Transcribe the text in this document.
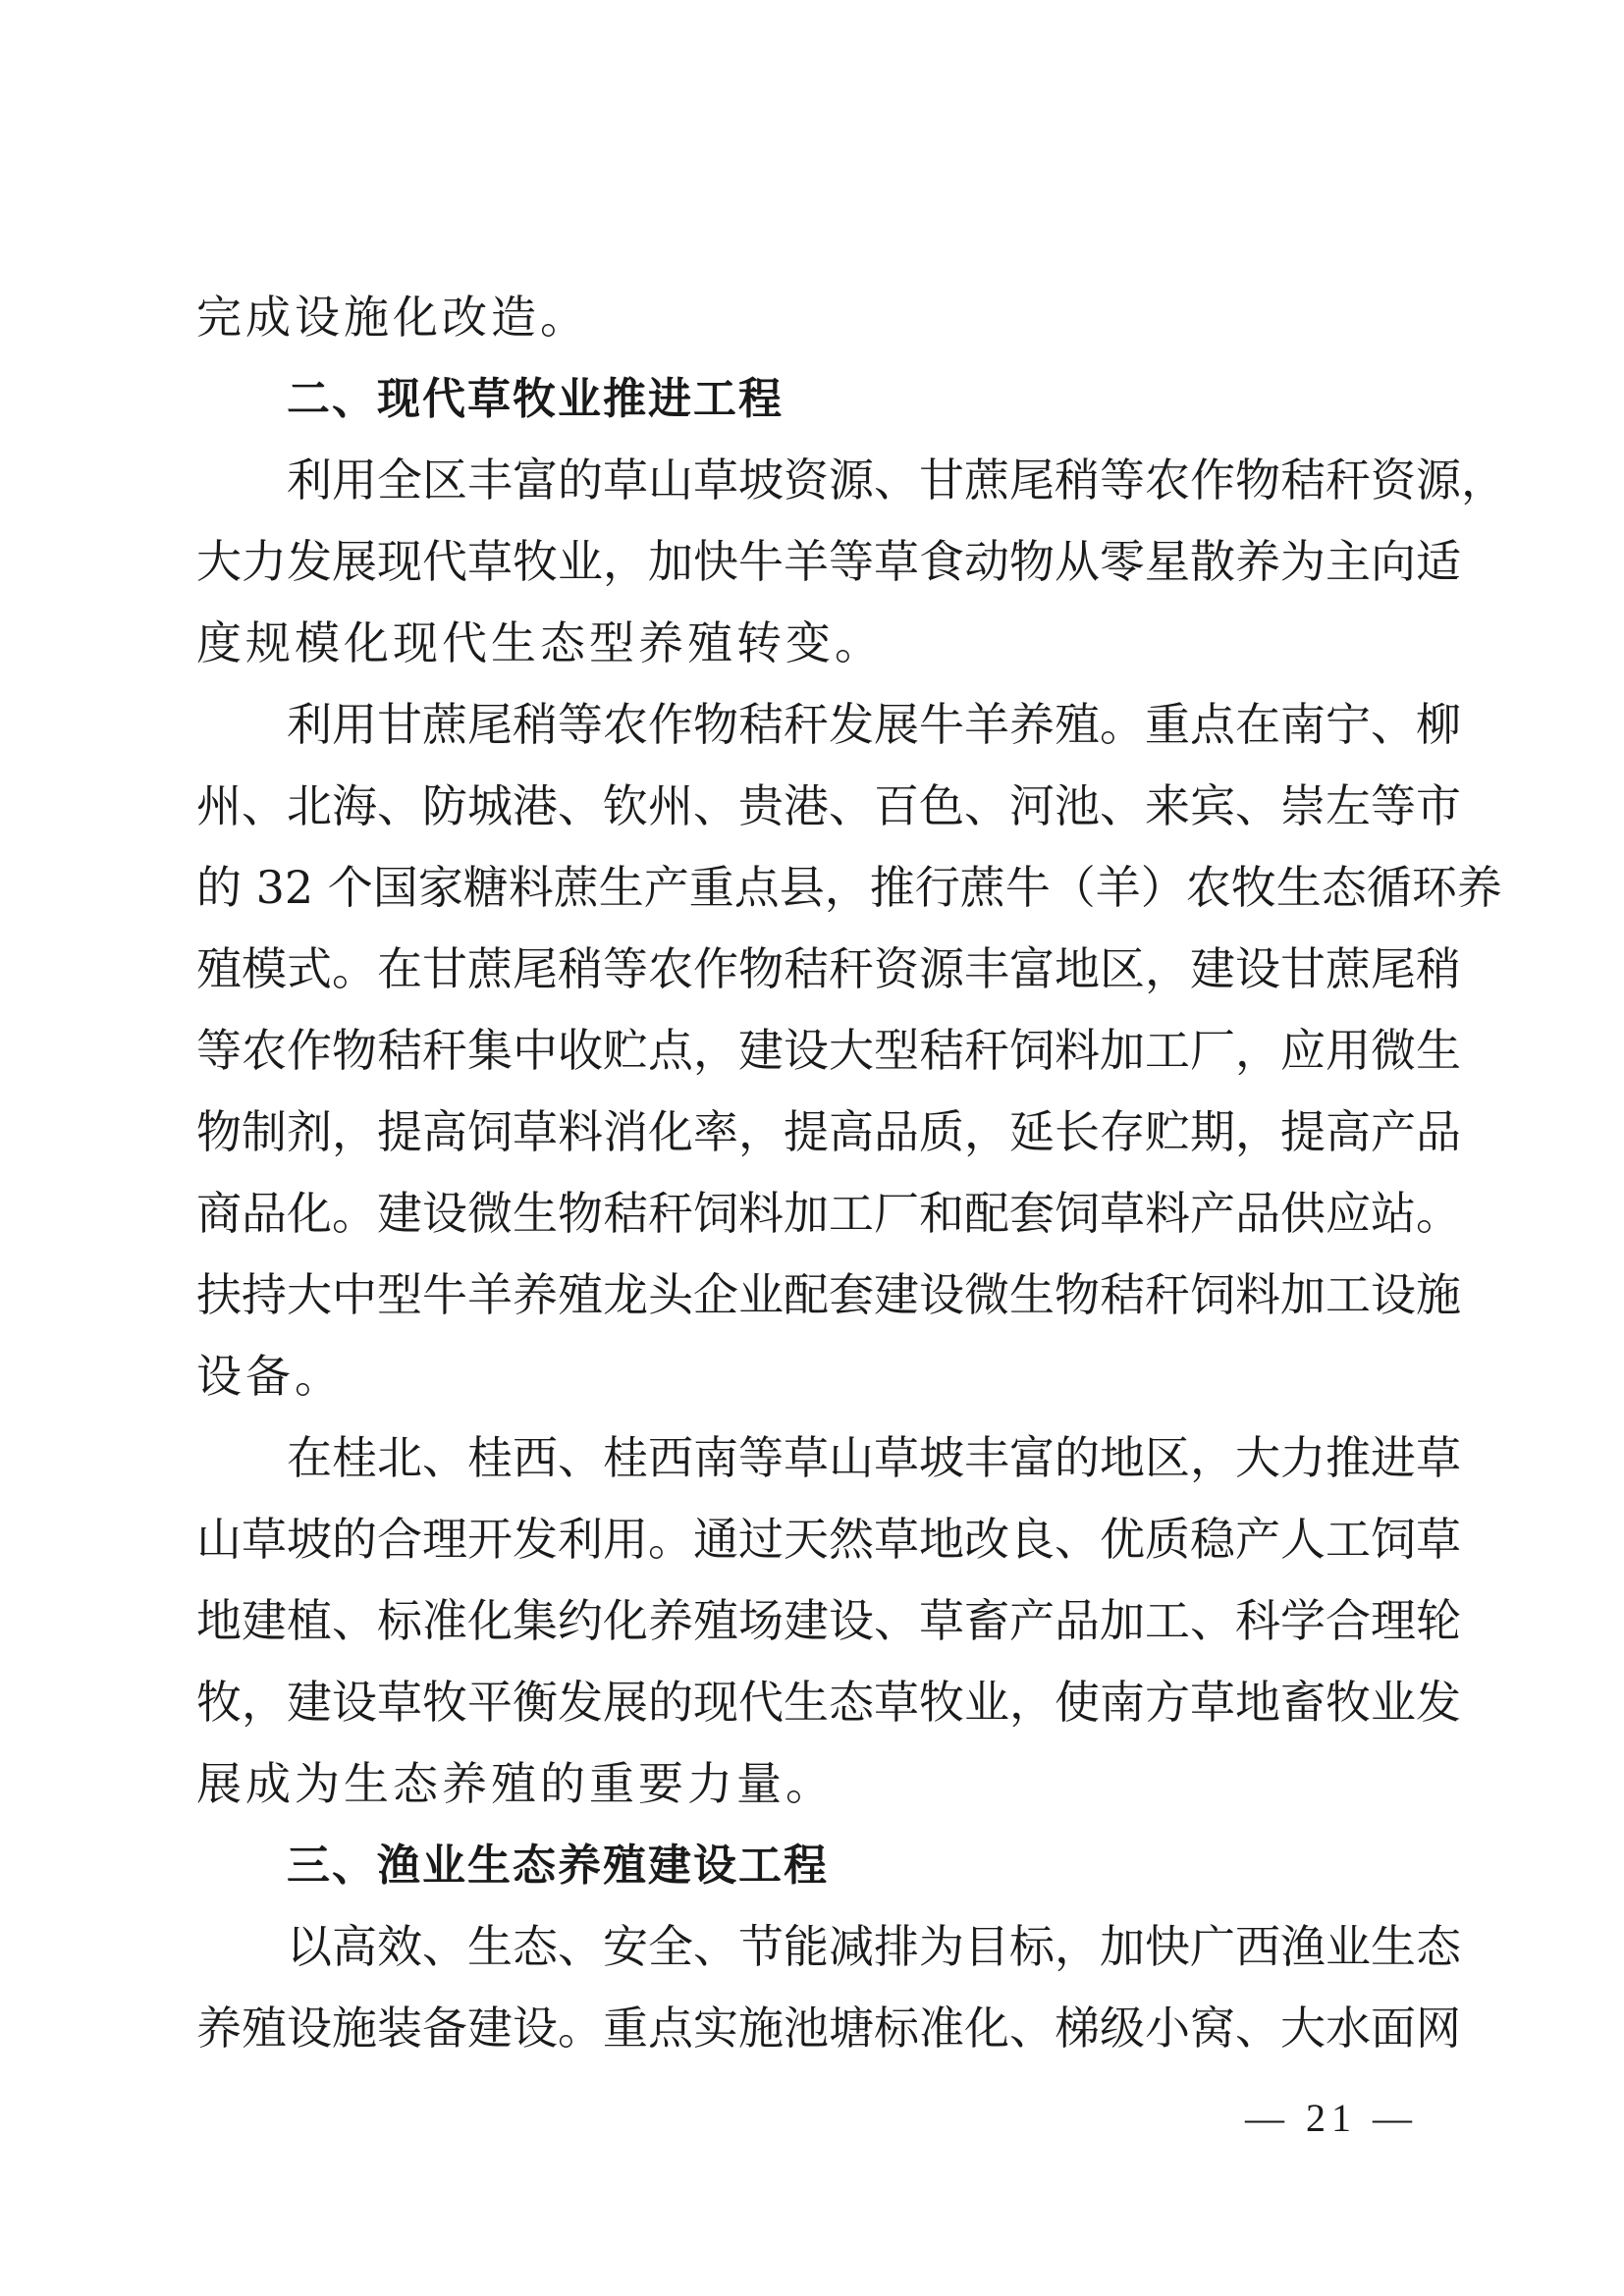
完成设施化改造。
二、现代草牧业推进工程
利用全区丰富的草山草坡资源、甘蔗尾稍等农作物秸秆资源，
大力发展现代草牧业，加快牛羊等草食动物从零星散养为主向适
度规模化现代生态型养殖转变。
利用甘蔗尾稍等农作物秸秆发展牛羊养殖。重点在南宁、柳
州、北海、防城港、钦州、贵港、百色、河池、来宾、崇左等市
的 32 个国家糖料蔗生产重点县，推行蔗牛（羊）农牧生态循环养
殖模式。在甘蔗尾稍等农作物秸秆资源丰富地区，建设甘蔗尾稍
等农作物秸秆集中收贮点，建设大型秸秆饲料加工厂，应用微生
物制剂，提高饲草料消化率，提高品质，延长存贮期，提高产品
商品化。建设微生物秸秆饲料加工厂和配套饲草料产品供应站。
扶持大中型牛羊养殖龙头企业配套建设微生物秸秆饲料加工设施
设备。
在桂北、桂西、桂西南等草山草坡丰富的地区，大力推进草
山草坡的合理开发利用。通过天然草地改良、优质稳产人工饲草
地建植、标准化集约化养殖场建设、草畜产品加工、科学合理轮
牧，建设草牧平衡发展的现代生态草牧业，使南方草地畜牧业发
展成为生态养殖的重要力量。
三、渔业生态养殖建设工程
以高效、生态、安全、节能减排为目标，加快广西渔业生态
养殖设施装备建设。重点实施池塘标准化、梯级小窝、大水面网
— 21 —
